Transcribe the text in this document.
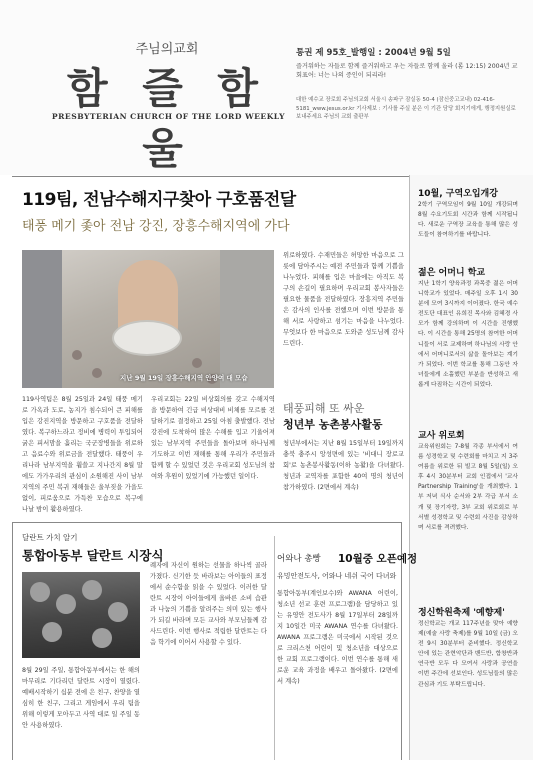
주님의교회
함 즐 함 울
PRESBYTERIAN CHURCH OF THE LORD WEEKLY
통권 제 95호_발행일 : 2004년 9월 5일
즐거워하는 자들로 함께 즐거워하고 우는 자들로 함께 울라 (롬 12:15) 2004년 교회표어: 너는 나의 증인이 되리라!
대한 예수교 장로회 주님의교회 서울시 송파구 잠실동 50-4 (잠신중고교내) 02-416-5181_www.jesus.or.kr 기사제보 : 기사를 주실 분은 이 기관 담당 회지기에게, 행정지원실로 보내주세요 주님의 교회 출판부
119팀, 전남수해지구찾아 구호품전달
태풍 메기 좇아 전남 강진, 장흥수해지역에 가다
지난 9월 19일 장흥수해지역 안양여 대 모습
119사역팀은 8월 25일과 24일 태풍 메기로 가옥과 도로, 농지가 침수되어 큰 피해를 입은 강진지역을 방문하고 구호품을 전달하였다. 복구하느라고 정비에 병력이 투입되어 굵은 피서맘을 흘리는 국군장병들을 위로하고 음료수와 위로금을 전달했다. 태풍이 우리나라 남부지역을 휩쓸고 지나간지 8월 말에도 가가우리의 관심이 소원해진 사이 남부지역의 주민 복귀 재해들은 울부짖을 가을도 없이, 피로움으로 가득찬 모습으로 복구에 나날 밤이 활용하였다.
우리교회는 22일 비상회의를 갖고 수해지역을 방문하여 긴급 비상대비 비체를 모르를 전달하기로 결정하고 25일 아침 출발했다. 전남 강진에 도착하여 많은 수해를 입고 기울어져 있는 남부지역 주민들을 돌아보며 하나님께 기도하고 이번 재해를 통해 우리가 주민들과 함께 할 수 있었던 것은 우리교회 성도님의 참여와 후원이 있었기에 가능했던 일이다.
위로하였다. 수재민들은 허망한 마음으로 그릇에 담아주시는 예전 주민들과 함께 기쁨을 나누었다. 피해를 입은 마을에는 아직도 복구의 손길이 필요하며 우리교회 봉사자들은 필요한 물품을 전달하였다. 장흥지역 주민들은 감사의 인사를 전했으며 이번 방문을 통해 서로 사랑하고 섬기는 마음을 나누었다. 무엇보다 한 마음으로 도와준 성도님께 감사드린다.
태풍피해 또 싸운
청년부 농촌봉사활동
청년부에서는 지난 8월 15일부터 19일까지 충북 충주시 앙성면에 있는 '비대니 장로교회'로 농촌봉사활동(이하 농활)을 다녀왔다. 청년과 교역자를 포함한 40여 명의 청년이 참가하였다. (2면에서 계속)
10월, 구역오입개강
2학기 구역모임이 9월 10일 개강되며 8월 수요기도회 시간과 함께 시작됩니다. 새로운 구역장 교육을 통해 많은 성도들이 참여하기를 바랍니다.
젊은 어머니 학교
지난 1학기 양육과정 과목중 젊은 어머니학교가 있었다. 매주일 오후 1시 30분에 모여 3시까지 이어졌다. 한국 예수전도단 대표인 유희진 목사와 김혜경 사모가 함께 강의하며 이 시간을 진행했다. 이 시간을 통해 25명의 참여한 어머니들이 서로 교제하며 하나님의 사랑 안에서 어머니로서의 삶을 돌아보는 계기가 되었다. 이번 학교를 통해 그동안 자녀들에게 소홀했던 부분을 반성하고 새롭게 다짐하는 시간이 되었다.
교사 위로회
교육위원회는 7-8월 각종 부서에서 여름 성경학교 및 수련회를 마치고 지 3주 여름을 위로한 뒤 빌고 8월 5일(일) 오후 4시 30분부터 교회 인접에서 '교사 Partnership Training'을 개최했다. 1부 저녁 식사 순서와 2부 각급 부서 소개 및 장기자랑, 3부 교회 위로회로 부서별 성경학교 및 수련회 사진을 감상하며 서로를 격려했다.
정신학원축제 '예향제'
정신학교는 개교 117주년을 맞아 예향제(예술 사랑 축제)를 9월 10일 (금) 오전 9시 30분부터 준비했다. 정신학교 안에 있는 관현악단과 밴드반, 합창반과 연극반 모두 다 모여서 사랑과 공연을 이번 주간에 선보인다. 성도님들의 많은 관심과 기도 부탁드립니다.
달란트 가치 알기
통합아동부 달란트 시장식
8월 29일 주일, 통합아동부에서는 한 해의 마무리로 기다리던 달란트 시장이 열렸다. 예배시작하기 십분 전에 은 친구, 찬양을 열심히 한 친구, 그리고 게임에서 우리 팀을 위해 이렇게 모아두고 사역 대로 일 주일 동안 사용하였다.
례자에 자신이 원하는 선물을 하나씩 골라 가졌다. 신기한 듯 바라보는 아이들의 표정에서 순수함을 읽을 수 있었다. 이러한 달란트 시장이 아이들에게 올바른 소비 습관과 나눔의 기쁨을 알려주는 의미 있는 행사가 되길 바라며 모든 교사와 부모님들께 감사드린다. 이번 행사로 적립한 달란트는 다음 학기에 이어서 사용할 수 있다.
어와나 총빵 10월중 오픈예정
유밍안전도사, 어와나 네쉬 국어 다녀와
통합아동부(계인보수)와 AWANA 어린이, 청소년 선교 훈련 프로그램)을 담당하고 있는 유영안 전도사가 8월 17일부터 28일까지 10일간 미국 AWANA 연수를 다녀왔다. AWANA 프로그램은 미국에서 시작된 것으로 크리스천 어린이 및 청소년을 대상으로 한 교회 프로그램이다. 이번 연수를 통해 새로운 교육 과정을 배우고 돌아왔다. (2면에서 계속)
